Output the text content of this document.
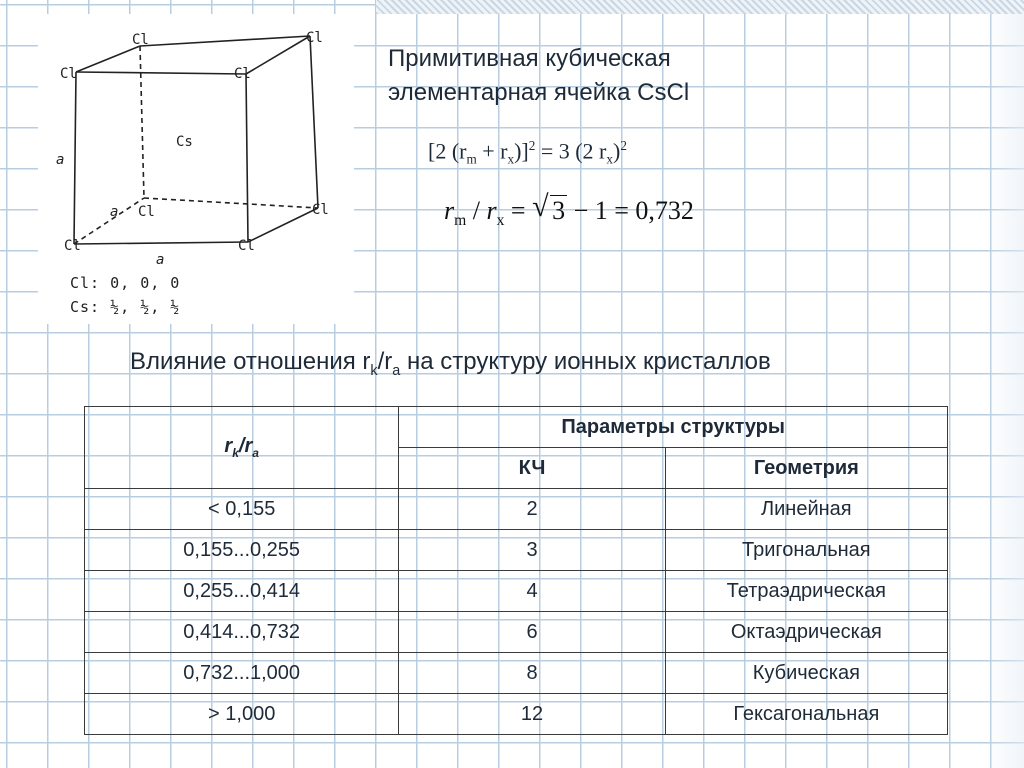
Cl	Cl
Cl	Cl
Cs
Cl	Cl
Cl	Cl
a
a
a
Cl: 0, 0, 0
Cs: ½, ½, ½
Примитивная кубическая
элементарная ячейка CsCl
[2 $(r_m + r_x)]^2 = 3$ (2 $r_x)^2$
$r_m / r_x$ = √ 3 − 1 = 0,732
Влияние отношения $r_k/r_a$ на структуру ионных кристаллов
$r_k/r_a$	Параметры структуры	
	КЧ	Геометрия
< 0,155	2	Линейная
0,155...0,255	3	Тригональная
0,255...0,414	4	Тетраэдрическая
0,414...0,732	6	Октаэдрическая
0,732...1,000	8	Кубическая
> 1,000	12	Гексагональная
